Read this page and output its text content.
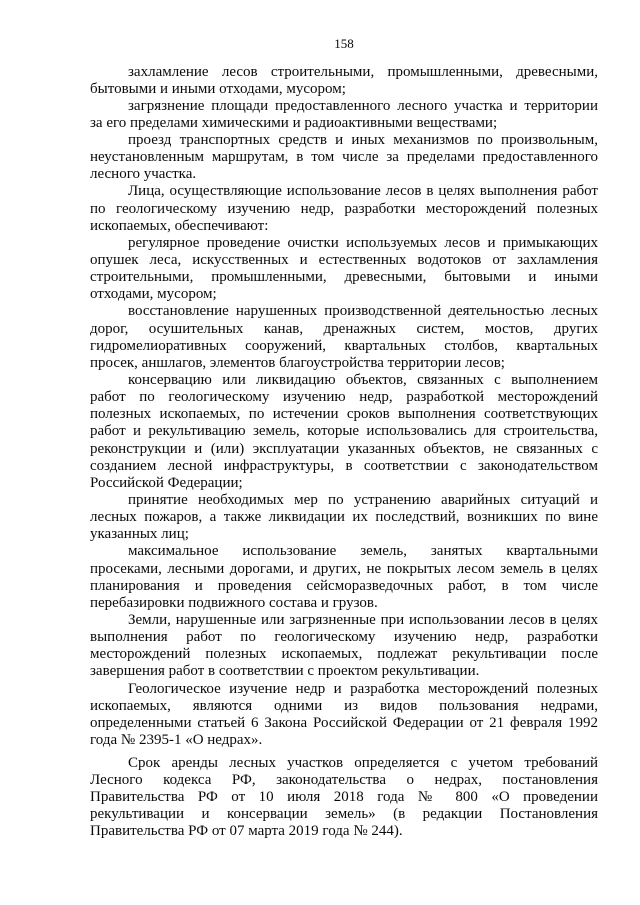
158
захламление лесов строительными, промышленными, древесными,
бытовыми и иными отходами, мусором;
загрязнение площади предоставленного лесного участка и территории
за его пределами химическими и радиоактивными веществами;
проезд транспортных средств и иных механизмов по произвольным,
неустановленным маршрутам, в том числе за пределами предоставленного
лесного участка.
Лица, осуществляющие использование лесов в целях выполнения работ
по геологическому изучению недр, разработки месторождений полезных
ископаемых, обеспечивают:
регулярное проведение очистки используемых лесов и примыкающих
опушек леса, искусственных и естественных водотоков от захламления
строительными, промышленными, древесными, бытовыми и иными
отходами, мусором;
восстановление нарушенных производственной деятельностью лесных
дорог, осушительных канав, дренажных систем, мостов, других
гидромелиоративных сооружений, квартальных столбов, квартальных
просек, аншлагов, элементов благоустройства территории лесов;
консервацию или ликвидацию объектов, связанных с выполнением
работ по геологическому изучению недр, разработкой месторождений
полезных ископаемых, по истечении сроков выполнения соответствующих
работ и рекультивацию земель, которые использовались для строительства,
реконструкции и (или) эксплуатации указанных объектов, не связанных с
созданием лесной инфраструктуры, в соответствии с законодательством
Российской Федерации;
принятие необходимых мер по устранению аварийных ситуаций и
лесных пожаров, а также ликвидации их последствий, возникших по вине
указанных лиц;
максимальное использование земель, занятых квартальными
просеками, лесными дорогами, и других, не покрытых лесом земель в целях
планирования и проведения сейсморазведочных работ, в том числе
перебазировки подвижного состава и грузов.
Земли, нарушенные или загрязненные при использовании лесов в целях
выполнения работ по геологическому изучению недр, разработки
месторождений полезных ископаемых, подлежат рекультивации после
завершения работ в соответствии с проектом рекультивации.
Геологическое изучение недр и разработка месторождений полезных
ископаемых, являются одними из видов пользования недрами,
определенными статьей 6 Закона Российской Федерации от 21 февраля 1992
года № 2395-1 «О недрах».
Срок аренды лесных участков определяется с учетом требований
Лесного кодекса РФ, законодательства о недрах, постановления
Правительства РФ от 10 июля 2018 года № 800 «О проведении
рекультивации и консервации земель» (в редакции Постановления
Правительства РФ от 07 марта 2019 года № 244).
